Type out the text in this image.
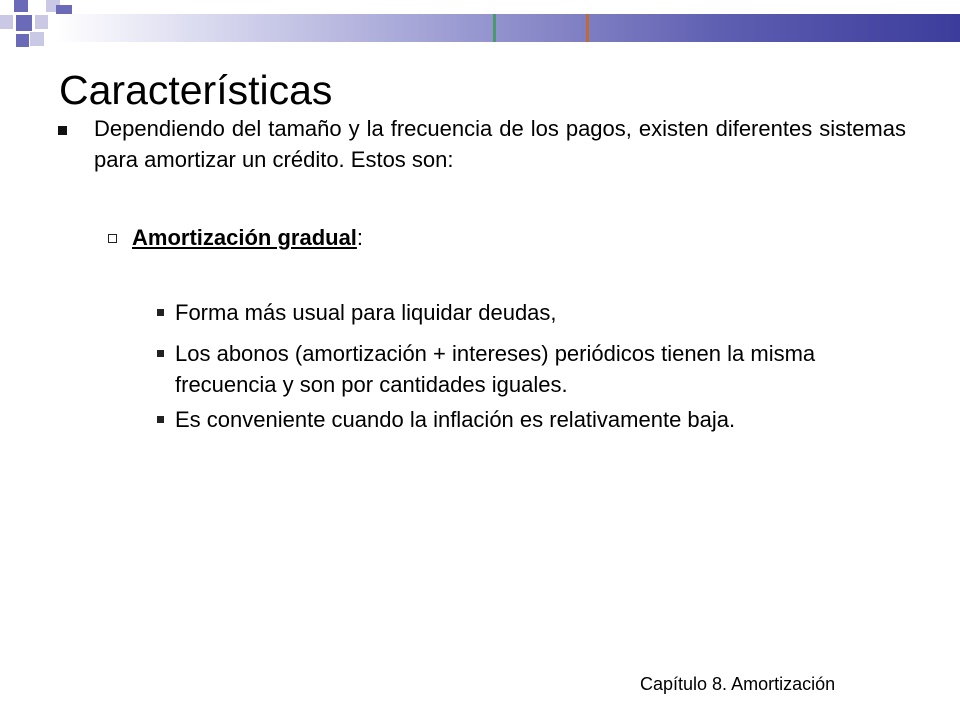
Características

Dependiendo del tamaño y la frecuencia de los pagos, existen diferentes sistemas para amortizar un crédito. Estos son:

Amortización gradual:
Forma más usual para liquidar deudas,
Los abonos (amortización + intereses) periódicos tienen la misma frecuencia y son por cantidades iguales.
Es conveniente cuando la inflación es relativamente baja.
Capítulo 8. Amortización
